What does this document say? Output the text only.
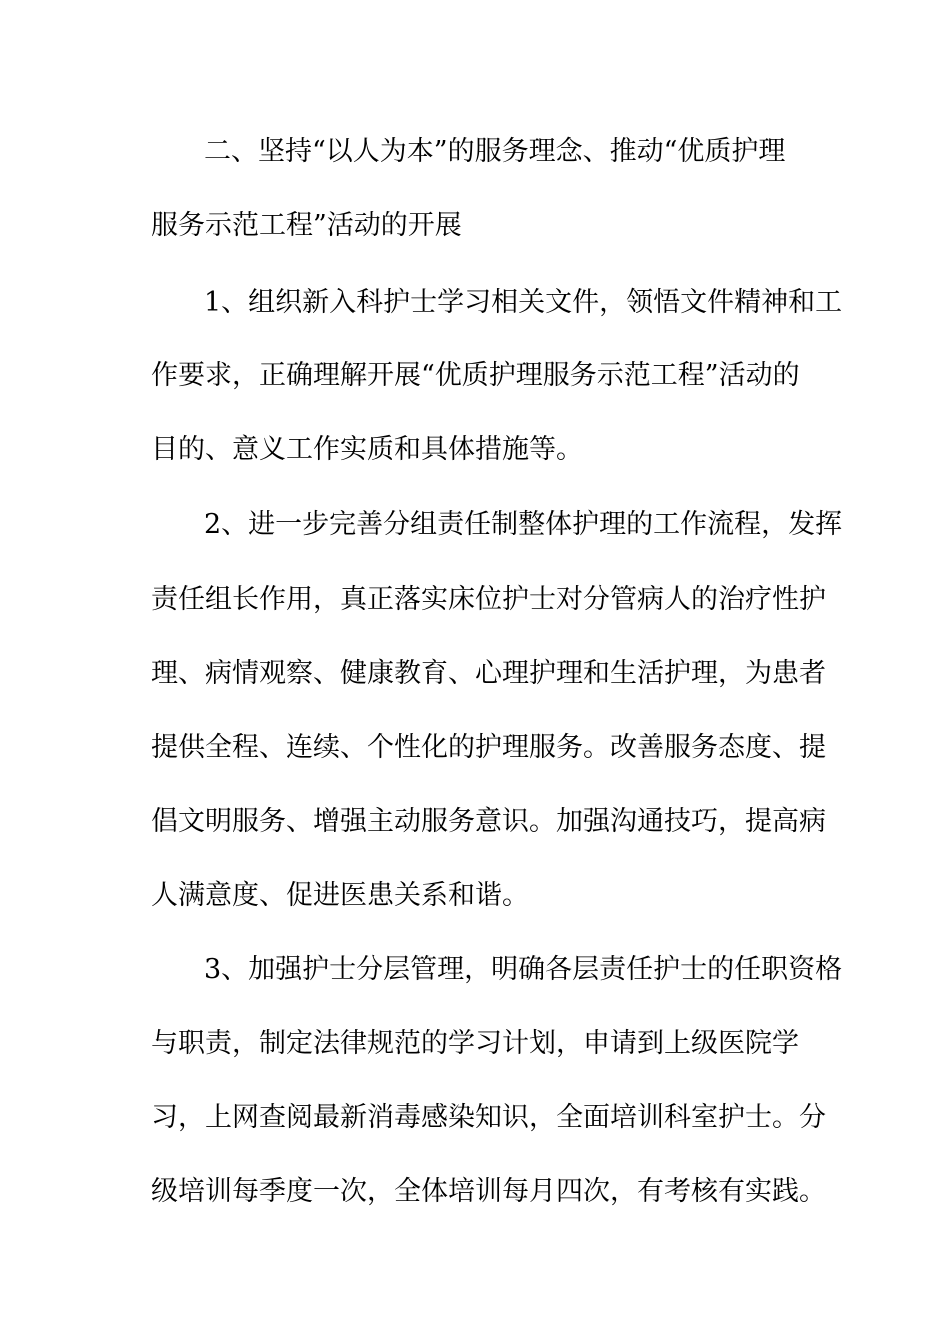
二、坚持“以人为本”的服务理念、推动“优质护理
服务示范工程”活动的开展
1、组织新入科护士学习相关文件，领悟文件精神和工
作要求，正确理解开展“优质护理服务示范工程”活动的
目的、意义工作实质和具体措施等。
2、进一步完善分组责任制整体护理的工作流程，发挥
责任组长作用，真正落实床位护士对分管病人的治疗性护
理、病情观察、健康教育、心理护理和生活护理，为患者
提供全程、连续、个性化的护理服务。改善服务态度、提
倡文明服务、增强主动服务意识。加强沟通技巧，提高病
人满意度、促进医患关系和谐。
3、加强护士分层管理，明确各层责任护士的任职资格
与职责，制定法律规范的学习计划，申请到上级医院学
习，上网查阅最新消毒感染知识，全面培训科室护士。分
级培训每季度一次，全体培训每月四次，有考核有实践。
